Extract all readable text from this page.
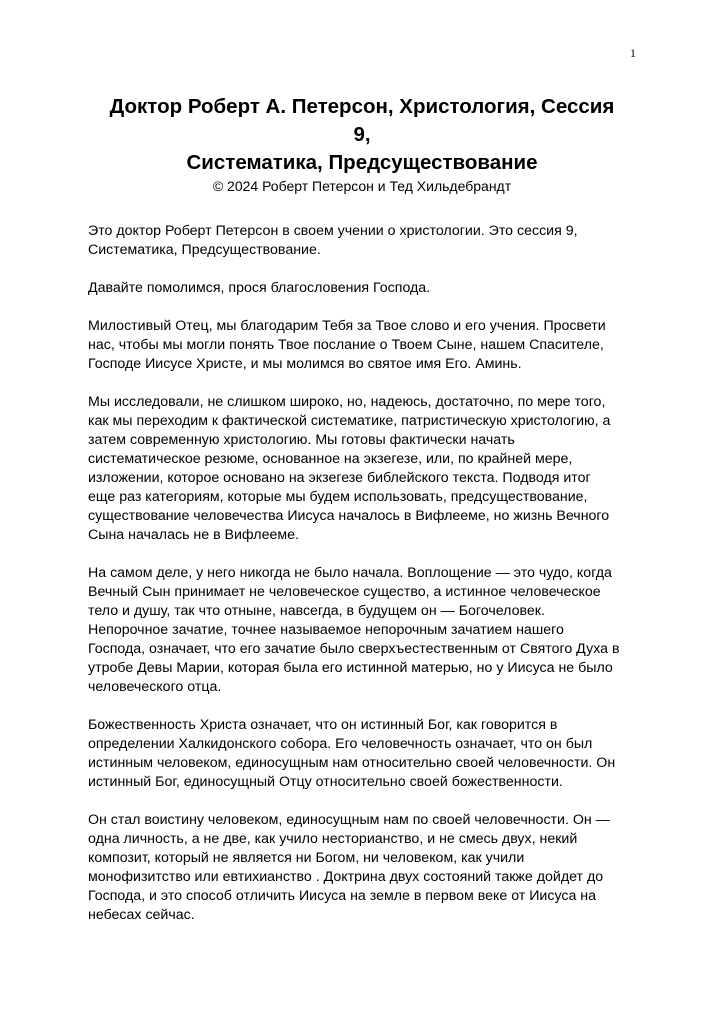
1
Доктор Роберт А. Петерсон, Христология, Сессия
9,
Систематика, Предсуществование
© 2024 Роберт Петерсон и Тед Хильдебрандт
Это доктор Роберт Петерсон в своем учении о христологии. Это сессия 9,
Систематика, Предсуществование.
Давайте помолимся, прося благословения Господа.
Милостивый Отец, мы благодарим Тебя за Твое слово и его учения. Просвети
нас, чтобы мы могли понять Твое послание о Твоем Сыне, нашем Спасителе,
Господе Иисусе Христе, и мы молимся во святое имя Его. Аминь.
Мы исследовали, не слишком широко, но, надеюсь, достаточно, по мере того,
как мы переходим к фактической систематике, патристическую христологию, а
затем современную христологию. Мы готовы фактически начать
систематическое резюме, основанное на экзегезе, или, по крайней мере,
изложении, которое основано на экзегезе библейского текста. Подводя итог
еще раз категориям, которые мы будем использовать, предсуществование,
существование человечества Иисуса началось в Вифлееме, но жизнь Вечного
Сына началась не в Вифлееме.
На самом деле, у него никогда не было начала. Воплощение — это чудо, когда
Вечный Сын принимает не человеческое существо, а истинное человеческое
тело и душу, так что отныне, навсегда, в будущем он — Богочеловек.
Непорочное зачатие, точнее называемое непорочным зачатием нашего
Господа, означает, что его зачатие было сверхъестественным от Святого Духа в
утробе Девы Марии, которая была его истинной матерью, но у Иисуса не было
человеческого отца.
Божественность Христа означает, что он истинный Бог, как говорится в
определении Халкидонского собора. Его человечность означает, что он был
истинным человеком, единосущным нам относительно своей человечности. Он
истинный Бог, единосущный Отцу относительно своей божественности.
Он стал воистину человеком, единосущным нам по своей человечности. Он —
одна личность, а не две, как учило несторианство, и не смесь двух, некий
композит, который не является ни Богом, ни человеком, как учили
монофизитство или евтихианство . Доктрина двух состояний также дойдет до
Господа, и это способ отличить Иисуса на земле в первом веке от Иисуса на
небесах сейчас.
